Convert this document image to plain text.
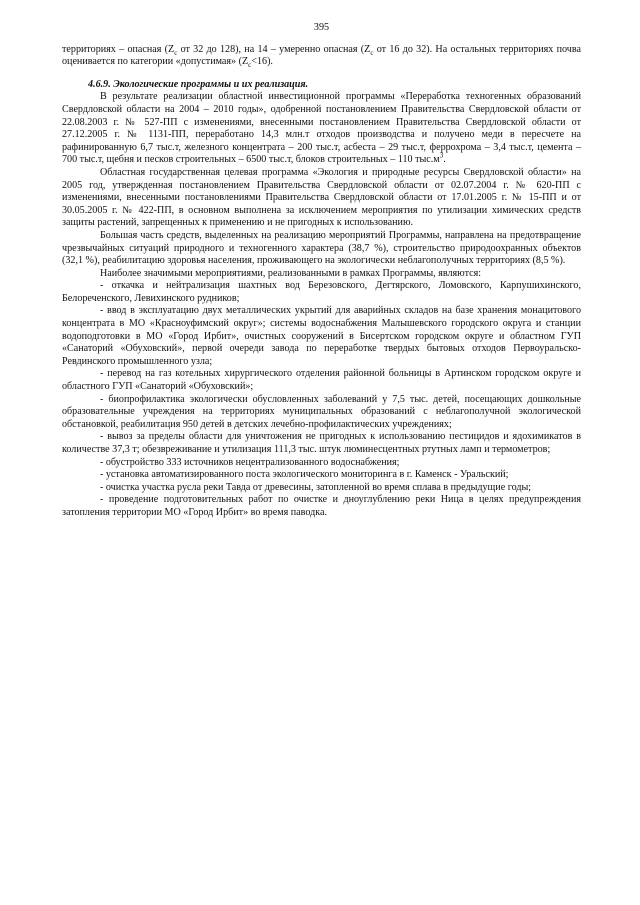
395

территориях – опасная ($Z_c$ от 32 до 128), на 14 – умеренно опасная ($Z_c$ от 16 до 32). На остальных территориях почва оценивается по категории «допустимая» $(Z_c<16)$.

4.6.9. Экологические программы и их реализация.

В результате реализации областной инвестиционной программы «Переработка техногенных образований Свердловской области на 2004 – 2010 годы», одобренной постановлением Правительства Свердловской области от 22.08.2003 г. № 527-ПП с изменениями, внесенными постановлением Правительства Свердловской области от 27.12.2005 г. № 1131-ПП, переработано 14,3 млн.т отходов производства и получено меди в пересчете на рафинированную 6,7 тыс.т, железного концентрата – 200 тыс.т, асбеста – 29 тыс.т, феррохрома – 3,4 тыс.т, цемента – 700 тыс.т, щебня и песков строительных – 6500 тыс.т, блоков строительных – 110 $тыс.м^3$.

Областная государственная целевая программа «Экология и природные ресурсы Свердловской области» на 2005 год, утвержденная постановлением Правительства Свердловской области от 02.07.2004 г. № 620-ПП с изменениями, внесенными постановлениями Правительства Свердловской области от 17.01.2005 г. № 15-ПП и от 30.05.2005 г. № 422-ПП, в основном выполнена за исключением мероприятия по утилизации химических средств защиты растений, запрещенных к применению и не пригодных к использованию.

Большая часть средств, выделенных на реализацию мероприятий Программы, направлена на предотвращение чрезвычайных ситуаций природного и техногенного характера (38,7 %), строительство природоохранных объектов (32,1 %), реабилитацию здоровья населения, проживающего на экологически неблагополучных территориях (8,5 %).

Наиболее значимыми мероприятиями, реализованными в рамках Программы, являются:

- откачка и нейтрализация шахтных вод Березовского, Дегтярского, Ломовского, Карпушихинского, Белореченского, Левихинского рудников;

- ввод в эксплуатацию двух металлических укрытий для аварийных складов на базе хранения монацитового концентрата в МО «Красноуфимский округ»; системы водоснабжения Малышевского городского округа и станции водоподготовки в МО «Город Ирбит», очистных сооружений в Бисертском городском округе и областном ГУП «Санаторий «Обуховский», первой очереди завода по переработке твердых бытовых отходов Первоуральско-Ревдинского промышленного узла;

- перевод на газ котельных хирургического отделения районной больницы в Артинском городском округе и областного ГУП «Санаторий «Обуховский»;

- биопрофилактика экологически обусловленных заболеваний у 7,5 тыс. детей, посещающих дошкольные образовательные учреждения на территориях муниципальных образований с неблагополучной экологической обстановкой, реабилитация 950 детей в детских лечебно-профилактических учреждениях;

- вывоз за пределы области для уничтожения не пригодных к использованию пестицидов и ядохимикатов в количестве 37,3 т; обезвреживание и утилизация 111,3 тыс. штук люминесцентных ртутных ламп и термометров;

- обустройство 333 источников нецентрализованного водоснабжения;

- установка автоматизированного поста экологического мониторинга в г. Каменск - Уральский;

- очистка участка русла реки Тавда от древесины, затопленной во время сплава в предыдущие годы;

- проведение подготовительных работ по очистке и дноуглублению реки Ница в целях предупреждения затопления территории МО «Город Ирбит» во время паводка.
